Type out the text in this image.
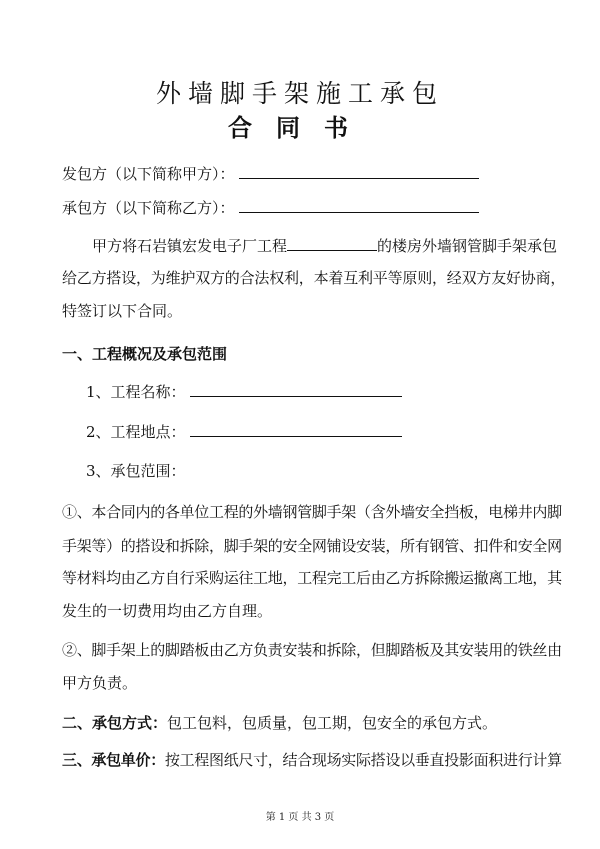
外墙脚手架施工承包
合同书
发包方（以下简称甲方）：
承包方（以下简称乙方）：
甲方将石岩镇宏发电子厂工程	的楼房外墙钢管脚手架承包
给乙方搭设，为维护双方的合法权利，本着互利平等原则，经双方友好协商，
特签订以下合同。
一、工程概况及承包范围
1、工程名称：
2、工程地点：
3、承包范围：
①、本合同内的各单位工程的外墙钢管脚手架（含外墙安全挡板，电梯井内脚
手架等）的搭设和拆除，脚手架的安全网铺设安装，所有钢管、扣件和安全网
等材料均由乙方自行采购运往工地，工程完工后由乙方拆除搬运撤离工地，其
发生的一切费用均由乙方自理。
②、脚手架上的脚踏板由乙方负责安装和拆除，但脚踏板及其安装用的铁丝由
甲方负责。
二、承包方式：包工包料，包质量，包工期，包安全的承包方式。
三、承包单价：按工程图纸尺寸，结合现场实际搭设以垂直投影面积进行计算
第 1 页 共 3 页
